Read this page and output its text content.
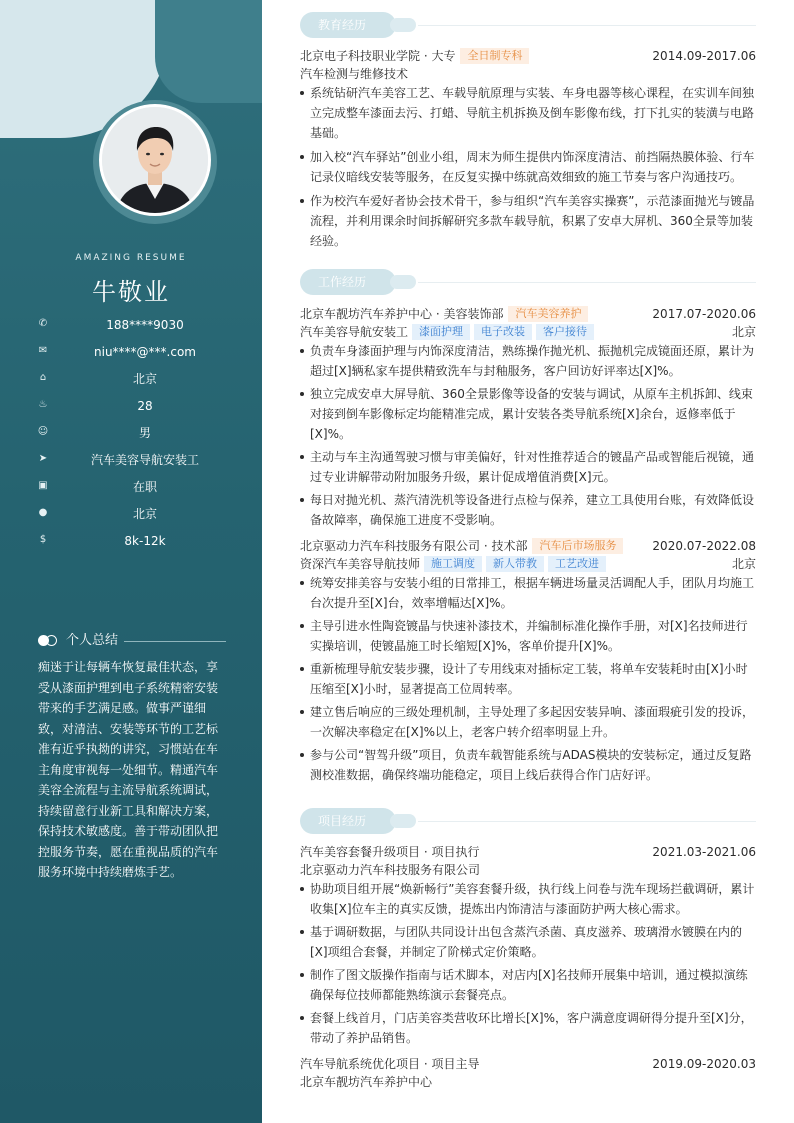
AMAZING RESUME
牛敬业
✆	188****9030
✉	niu****@***.com
⌂	北京
♨	28
☺	男
➤	汽车美容导航安装工
▣	在职
●	北京
$	8k-12k
个人总结
痴迷于让每辆车恢复最佳状态，享受从漆面护理到电子系统精密安装带来的手艺满足感。做事严谨细致，对清洁、安装等环节的工艺标准有近乎执拗的讲究，习惯站在车主角度审视每一处细节。精通汽车美容全流程与主流导航系统调试，持续留意行业新工具和解决方案，保持技术敏感度。善于带动团队把控服务节奏，愿在重视品质的汽车服务环境中持续磨炼手艺。
教育经历
北京电子科技职业学院 · 大专 全日制专科	2014.09-2017.06
汽车检测与维修技术
系统钻研汽车美容工艺、车载导航原理与实装、车身电器等核心课程，在实训车间独立完成整车漆面去污、打蜡、导航主机拆换及倒车影像布线，打下扎实的装潢与电路基础。
加入校“汽车驿站”创业小组，周末为师生提供内饰深度清洁、前挡隔热膜体验、行车记录仪暗线安装等服务，在反复实操中练就高效细致的施工节奏与客户沟通技巧。
作为校汽车爱好者协会技术骨干，参与组织“汽车美容实操赛”，示范漆面抛光与镀晶流程，并利用课余时间拆解研究多款车载导航，积累了安卓大屏机、360全景等加装经验。
工作经历
北京车靓坊汽车养护中心 · 美容装饰部 汽车美容养护	2017.07-2020.06
汽车美容导航安装工 漆面护理 电子改装 客户接待	北京
负责车身漆面护理与内饰深度清洁，熟练操作抛光机、振抛机完成镜面还原，累计为超过[X]辆私家车提供精致洗车与封釉服务，客户回访好评率达[X]%。
独立完成安卓大屏导航、360全景影像等设备的安装与调试，从原车主机拆卸、线束对接到倒车影像标定均能精准完成，累计安装各类导航系统[X]余台，返修率低于[X]%。
主动与车主沟通驾驶习惯与审美偏好，针对性推荐适合的镀晶产品或智能后视镜，通过专业讲解带动附加服务升级，累计促成增值消费[X]元。
每日对抛光机、蒸汽清洗机等设备进行点检与保养，建立工具使用台账，有效降低设备故障率，确保施工进度不受影响。
北京驱动力汽车科技服务有限公司 · 技术部 汽车后市场服务	2020.07-2022.08
资深汽车美容导航技师 施工调度 新人带教 工艺改进	北京
统筹安排美容与安装小组的日常排工，根据车辆进场量灵活调配人手，团队月均施工台次提升至[X]台，效率增幅达[X]%。
主导引进水性陶瓷镀晶与快速补漆技术，并编制标准化操作手册，对[X]名技师进行实操培训，使镀晶施工时长缩短[X]%，客单价提升[X]%。
重新梳理导航安装步骤，设计了专用线束对插标定工装，将单车安装耗时由[X]小时压缩至[X]小时，显著提高工位周转率。
建立售后响应的三级处理机制，主导处理了多起因安装异响、漆面瑕疵引发的投诉，一次解决率稳定在[X]%以上，老客户转介绍率明显上升。
参与公司“智驾升级”项目，负责车载智能系统与ADAS模块的安装标定，通过反复路测校准数据，确保终端功能稳定，项目上线后获得合作门店好评。
项目经历
汽车美容套餐升级项目 · 项目执行	2021.03-2021.06
北京驱动力汽车科技服务有限公司
协助项目组开展“焕新畅行”美容套餐升级，执行线上问卷与洗车现场拦截调研，累计收集[X]位车主的真实反馈，提炼出内饰清洁与漆面防护两大核心需求。
基于调研数据，与团队共同设计出包含蒸汽杀菌、真皮滋养、玻璃滑水镀膜在内的[X]项组合套餐，并制定了阶梯式定价策略。
制作了图文版操作指南与话术脚本，对店内[X]名技师开展集中培训，通过模拟演练确保每位技师都能熟练演示套餐亮点。
套餐上线首月，门店美容类营收环比增长[X]%，客户满意度调研得分提升至[X]分，带动了养护品销售。
汽车导航系统优化项目 · 项目主导	2019.09-2020.03
北京车靓坊汽车养护中心
